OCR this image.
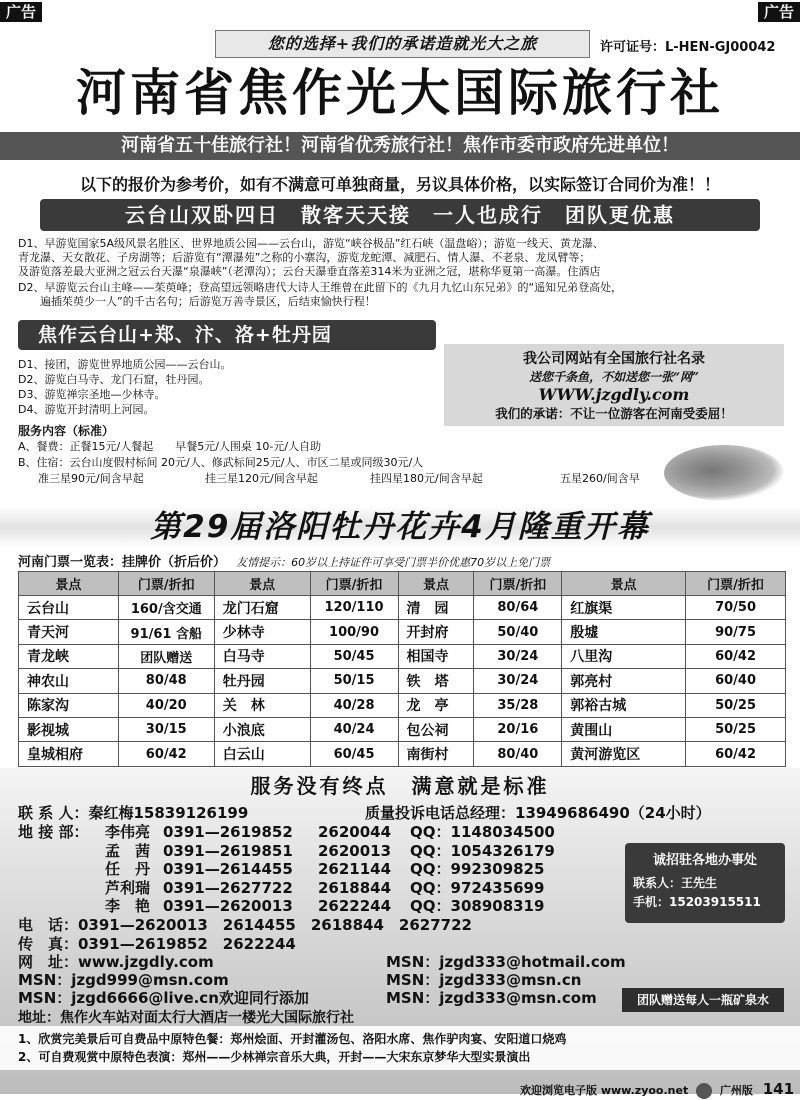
广告	广告
您的选择+我们的承诺造就光大之旅	许可证号：L-HEN-GJ00042
河南省焦作光大国际旅行社
河南省五十佳旅行社！河南省优秀旅行社！焦作市委市政府先进单位！
以下的报价为参考价，如有不满意可单独商量，另议具体价格，以实际签订合同价为准！！
云台山双卧四日　散客天天接　一人也成行　团队更优惠
D1、早游览国家5A级风景名胜区、世界地质公园——云台山，游览“峡谷极品”红石峡（温盘峪）；游览一线天、黄龙瀑、
青龙瀑、天女散花、子房湖等；后游览有“潭瀑苑”之称的小寨沟，游览龙蛇潭、减肥石、情人瀑、不老泉、龙凤臂等；
及游览落差最大亚洲之冠云台天瀑“泉瀑峡”（老潭沟）；云台天瀑垂直落差314米为亚洲之冠，堪称华夏第一高瀑。住酒店
D2、早游览云台山主峰——茱萸峰；登高望远领略唐代大诗人王维曾在此留下的《九月九忆山东兄弟》的“遥知兄弟登高处，
遍插茱萸少一人”的千古名句；后游览万善寺景区，后结束愉快行程！
焦作云台山+郑、汴、洛+牡丹园
D1、接团，游览世界地质公园——云台山。
D2、游览白马寺、龙门石窟，牡丹园。
D3、游览禅宗圣地—少林寺。
D4、游览开封清明上河园。
我公司网站有全国旅行社名录
送您千条鱼，不如送您一张“网”
WWW.jzgdly.com
我们的承诺：不让一位游客在河南受委屈！
服务内容（标准）
A、餐费：正餐15元/人餐起　　早餐5元/人围桌 10-元/人自助
B、住宿：云台山度假村标间 20元/人、修武标间25元/人、市区二星或同级30元/人
准三星90元/间含早起	挂三星120元/间含早起	挂四星180元/间含早起	五星260/间含早
第29届洛阳牡丹花卉4月隆重开幕
河南门票一览表：挂牌价（折后价） 友情提示：60岁以上持证件可享受门票半价优惠70岁以上免门票
景点	门票/折扣	景点	门票/折扣	景点	门票/折扣	景点	门票/折扣
云台山	160/含交通	龙门石窟	120/110	清　园	80/64	红旗渠	70/50
青天河	91/61 含船	少林寺	100/90	开封府	50/40	殷墟	90/75
青龙峡	团队赠送	白马寺	50/45	相国寺	30/24	八里沟	60/42
神农山	80/48	牡丹园	50/15	铁　塔	30/24	郭亮村	60/40
陈家沟	40/20	关　林	40/28	龙　亭	35/28	郭裕古城	50/25
影视城	30/15	小浪底	40/24	包公祠	20/16	黄围山	50/25
皇城相府	60/42	白云山	60/45	南街村	80/40	黄河游览区	60/42
服务没有终点　满意就是标准
联 系 人：秦红梅15839126199	质量投诉电话总经理：13949686490（24小时）
地 接 部： 李伟亮 0391—2619852 2620044 QQ：1148034500
孟　茜 0391—2619851 2620013 QQ：1054326179
任　丹 0391—2614455 2621144 QQ：992309825
芦利瑞 0391—2627722 2618844 QQ：972435699
李　艳 0391—2620013 2622244 QQ：308908319
诚招驻各地办事处
联系人：王先生
手机：15203915511
电　话：0391—2620013　2614455　2618844　2627722
传　真：0391—2619852　2622244
网　址：www.jzgdly.com
MSN：jzgd999@msn.com
MSN：jzgd6666@live.cn欢迎同行添加
MSN：jzgd333@hotmail.com
MSN：jzgd333@msn.cn
MSN：jzgd333@msn.com	团队赠送每人一瓶矿泉水
地址：焦作火车站对面太行大酒店一楼光大国际旅行社
1、欣赏完美景后可自费品中原特色餐：郑州烩面、开封灌汤包、洛阳水席、焦作驴肉宴、安阳道口烧鸡
2、可自费观赏中原特色表演：郑州——少林禅宗音乐大典，开封——大宋东京梦华大型实景演出
欢迎浏览电子版 www.zyoo.net	广州版 141
